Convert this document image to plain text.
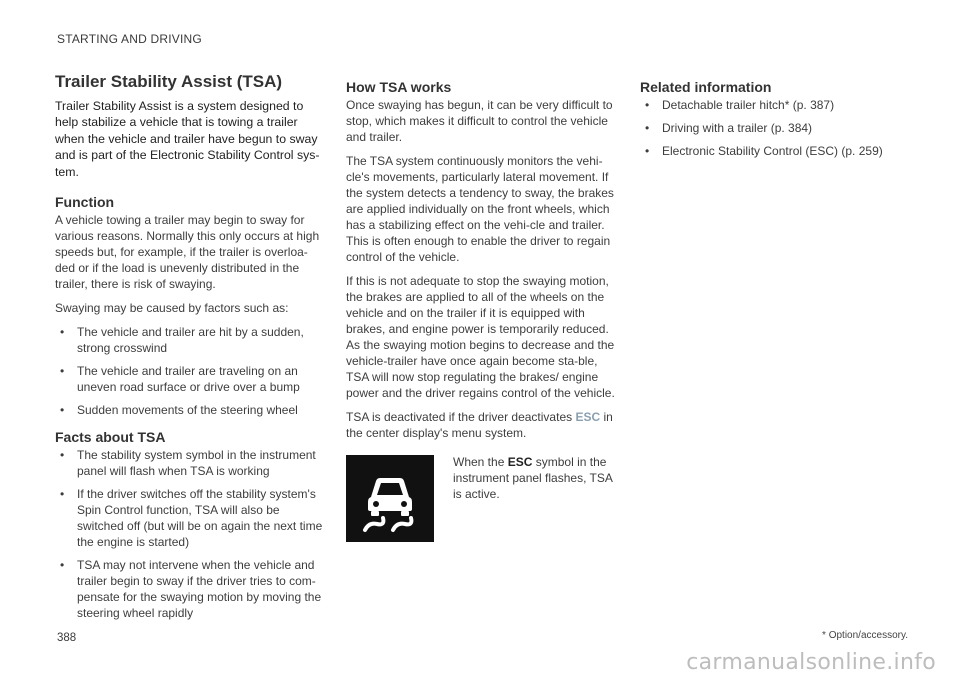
STARTING AND DRIVING
Trailer Stability Assist (TSA)

Trailer Stability Assist is a system designed to help stabilize a vehicle that is towing a trailer when the vehicle and trailer have begun to sway and is part of the Electronic Stability Control sys-tem.

Function

A vehicle towing a trailer may begin to sway for various reasons. Normally this only occurs at high speeds but, for example, if the trailer is overloa-ded or if the load is unevenly distributed in the trailer, there is risk of swaying.

Swaying may be caused by factors such as:

• The vehicle and trailer are hit by a sudden, strong crosswind
• The vehicle and trailer are traveling on an uneven road surface or drive over a bump
• Sudden movements of the steering wheel
Facts about TSA
• The stability system symbol in the instrument panel will flash when TSA is working
• If the driver switches off the stability system's Spin Control function, TSA will also be switched off (but will be on again the next time the engine is started)
• TSA may not intervene when the vehicle and trailer begin to sway if the driver tries to com-pensate for the swaying motion by moving the steering wheel rapidly
How TSA works

Once swaying has begun, it can be very difficult to stop, which makes it difficult to control the vehicle and trailer.

The TSA system continuously monitors the vehi-cle's movements, particularly lateral movement. If the system detects a tendency to sway, the brakes are applied individually on the front wheels, which has a stabilizing effect on the vehi-cle and trailer. This is often enough to enable the driver to regain control of the vehicle.

If this is not adequate to stop the swaying motion, the brakes are applied to all of the wheels on the vehicle and on the trailer if it is equipped with brakes, and engine power is temporarily reduced. As the swaying motion begins to decrease and the vehicle-trailer have once again become sta-ble, TSA will now stop regulating the brakes/ engine power and the driver regains control of the vehicle.

TSA is deactivated if the driver deactivates ESC in the center display's menu system.

When the ESC symbol in the instrument panel flashes, TSA is active.
Related information
• Detachable trailer hitch* (p. 387)
• Driving with a trailer (p. 384)
• Electronic Stability Control (ESC) (p. 259)
388	* Option/accessory.
carmanualsonline.info
